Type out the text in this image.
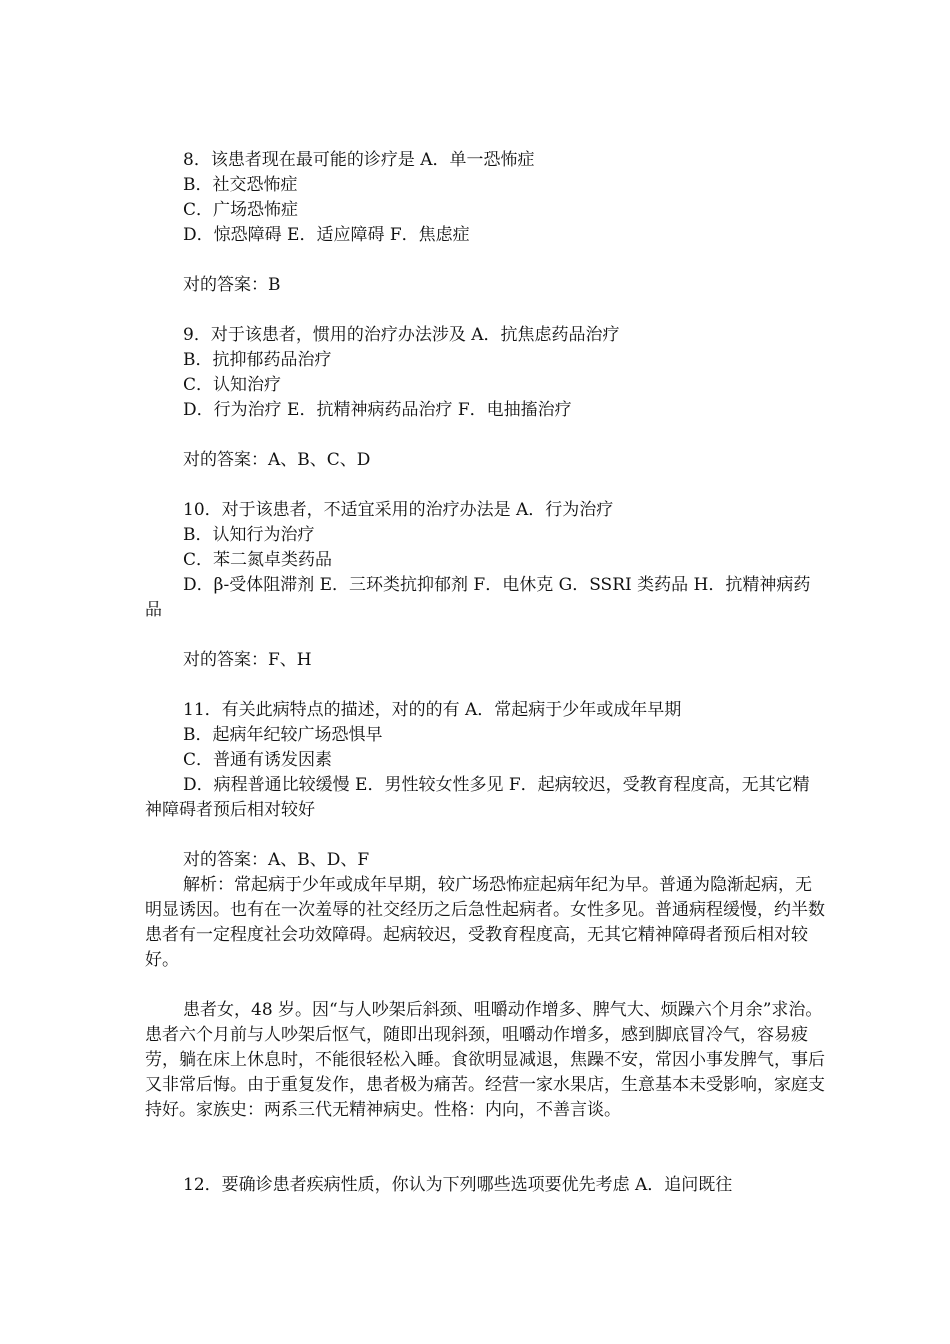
8．该患者现在最可能的诊疗是 A．单一恐怖症

B．社交恐怖症

C．广场恐怖症

D．惊恐障碍 E．适应障碍 F．焦虑症

对的答案：B

9．对于该患者，惯用的治疗办法涉及 A．抗焦虑药品治疗

B．抗抑郁药品治疗

C．认知治疗

D．行为治疗 E．抗精神病药品治疗 F．电抽搐治疗

对的答案：A、B、C、D

10．对于该患者，不适宜采用的治疗办法是 A．行为治疗

B．认知行为治疗

C．苯二氮卓类药品

D．β-受体阻滞剂 E．三环类抗抑郁剂 F．电休克 G．SSRI 类药品 H．抗精神病药品

对的答案：F、H

11．有关此病特点的描述，对的的有 A．常起病于少年或成年早期

B．起病年纪较广场恐惧早

C．普通有诱发因素

D．病程普通比较缓慢 E．男性较女性多见 F．起病较迟，受教育程度高，无其它精神障碍者预后相对较好

对的答案：A、B、D、F

解析：常起病于少年或成年早期，较广场恐怖症起病年纪为早。普通为隐渐起病，无明显诱因。也有在一次羞辱的社交经历之后急性起病者。女性多见。普通病程缓慢，约半数患者有一定程度社会功效障碍。起病较迟，受教育程度高，无其它精神障碍者预后相对较好。

患者女，48 岁。因“与人吵架后斜颈、咀嚼动作增多、脾气大、烦躁六个月余”求治。患者六个月前与人吵架后怄气，随即出现斜颈，咀嚼动作增多，感到脚底冒冷气，容易疲劳，躺在床上休息时，不能很轻松入睡。食欲明显减退，焦躁不安，常因小事发脾气，事后又非常后悔。由于重复发作，患者极为痛苦。经营一家水果店，生意基本未受影响，家庭支持好。家族史：两系三代无精神病史。性格：内向，不善言谈。

12．要确诊患者疾病性质，你认为下列哪些选项要优先考虑 A．追问既往
